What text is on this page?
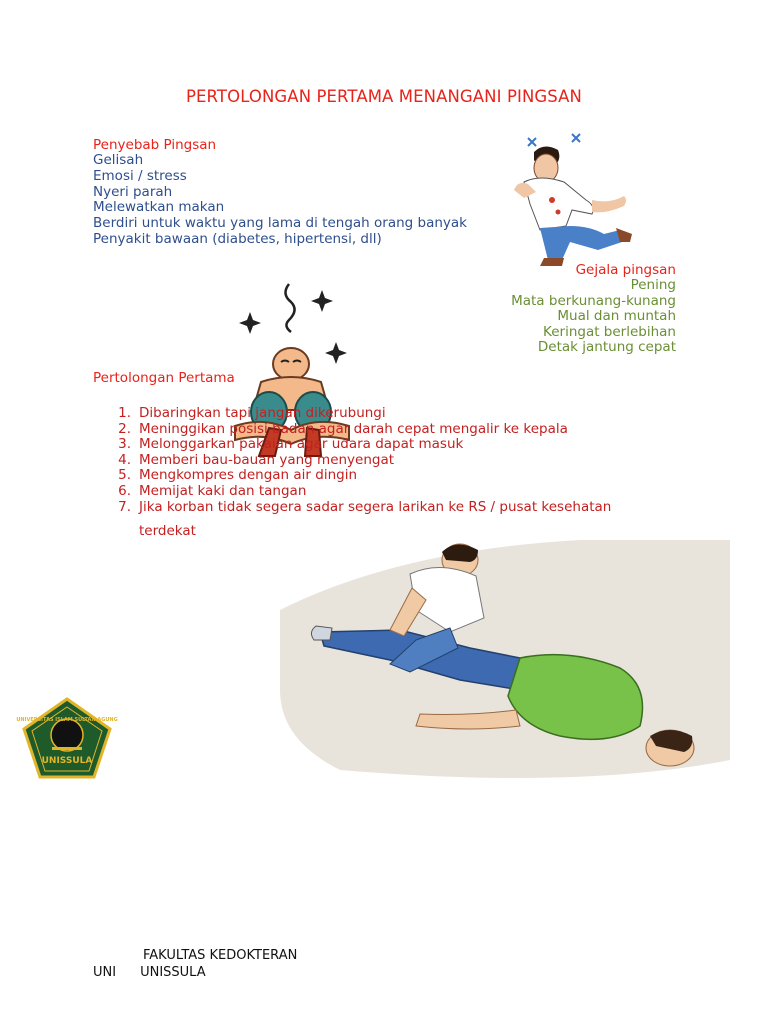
PERTOLONGAN PERTAMA MENANGANI PINGSAN
Penyebab Pingsan
Gelisah
Emosi / stress
Nyeri parah
Melewatkan makan
Berdiri untuk waktu yang lama di tengah orang banyak
Penyakit bawaan (diabetes, hipertensi, dll)
Gejala pingsan
Pening
Mata berkunang-kunang
Mual dan muntah
Keringat berlebihan
Detak jantung cepat
Pertolongan Pertama
1. Dibaringkan tapi jangan dikerubungi
2. Meninggikan posisi badan agar darah cepat mengalir ke kepala
3. Melonggarkan pakaian agar udara dapat masuk
4. Memberi bau-bauan yang menyengat
5. Mengkompres dengan air dingin
6. Memijat kaki dan tangan
7. Jika korban tidak segera sadar segera larikan ke RS / pusat kesehatan
terdekat
UNIVERSITAS ISLAM SULTAN AGUNG
UNISSULA
FAKULTAS KEDOKTERAN
UNI UNISSULA
